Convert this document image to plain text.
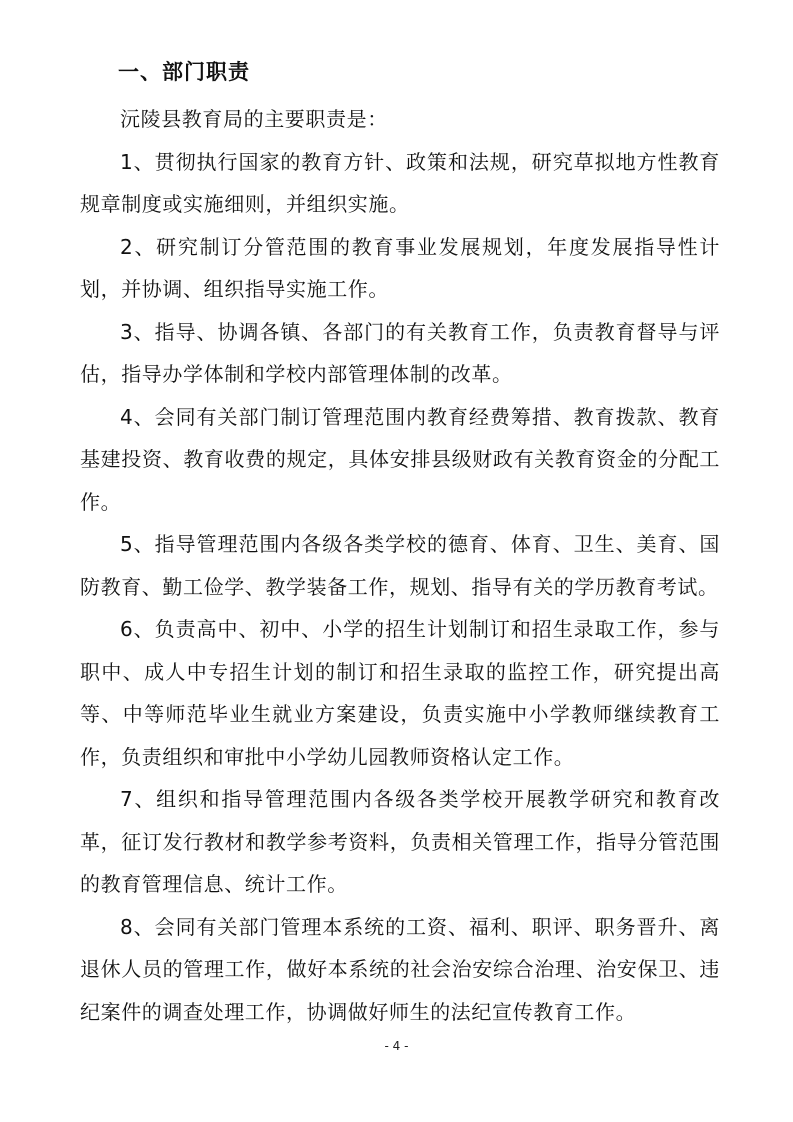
一、部门职责

沅陵县教育局的主要职责是：

1、贯彻执行国家的教育方针、政策和法规，研究草拟地方性教育规章制度或实施细则，并组织实施。

2、研究制订分管范围的教育事业发展规划，年度发展指导性计划，并协调、组织指导实施工作。

3、指导、协调各镇、各部门的有关教育工作，负责教育督导与评估，指导办学体制和学校内部管理体制的改革。

4、会同有关部门制订管理范围内教育经费筹措、教育拨款、教育基建投资、教育收费的规定，具体安排县级财政有关教育资金的分配工作。

5、指导管理范围内各级各类学校的德育、体育、卫生、美育、国防教育、勤工俭学、教学装备工作，规划、指导有关的学历教育考试。

6、负责高中、初中、小学的招生计划制订和招生录取工作，参与职中、成人中专招生计划的制订和招生录取的监控工作，研究提出高等、中等师范毕业生就业方案建设，负责实施中小学教师继续教育工作，负责组织和审批中小学幼儿园教师资格认定工作。

7、组织和指导管理范围内各级各类学校开展教学研究和教育改革，征订发行教材和教学参考资料，负责相关管理工作，指导分管范围的教育管理信息、统计工作。

8、会同有关部门管理本系统的工资、福利、职评、职务晋升、离退休人员的管理工作，做好本系统的社会治安综合治理、治安保卫、违纪案件的调查处理工作，协调做好师生的法纪宣传教育工作。

- 4 -
